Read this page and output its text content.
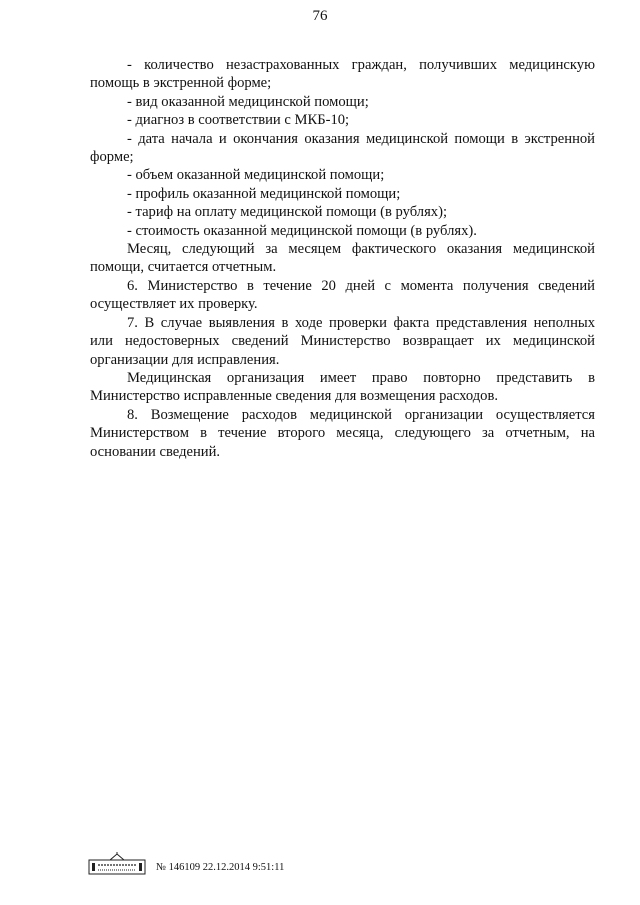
76

- количество незастрахованных граждан, получивших медицинскую помощь в экстренной форме;

- вид оказанной медицинской помощи;

- диагноз в соответствии с МКБ-10;

- дата начала и окончания оказания медицинской помощи в экстренной форме;

- объем оказанной медицинской помощи;

- профиль оказанной медицинской помощи;

- тариф на оплату медицинской помощи (в рублях);

- стоимость оказанной медицинской помощи (в рублях).

Месяц, следующий за месяцем фактического оказания медицинской помощи, считается отчетным.

6. Министерство в течение 20 дней с момента получения сведений осуществляет их проверку.

7. В случае выявления в ходе проверки факта представления неполных или недостоверных сведений Министерство возвращает их медицинской организации для исправления.

Медицинская организация имеет право повторно представить в Министерство исправленные сведения для возмещения расходов.

8. Возмещение расходов медицинской организации осуществляется Министерством в течение второго месяца, следующего за отчетным, на основании сведений.

№ 146109 22.12.2014 9:51:11
